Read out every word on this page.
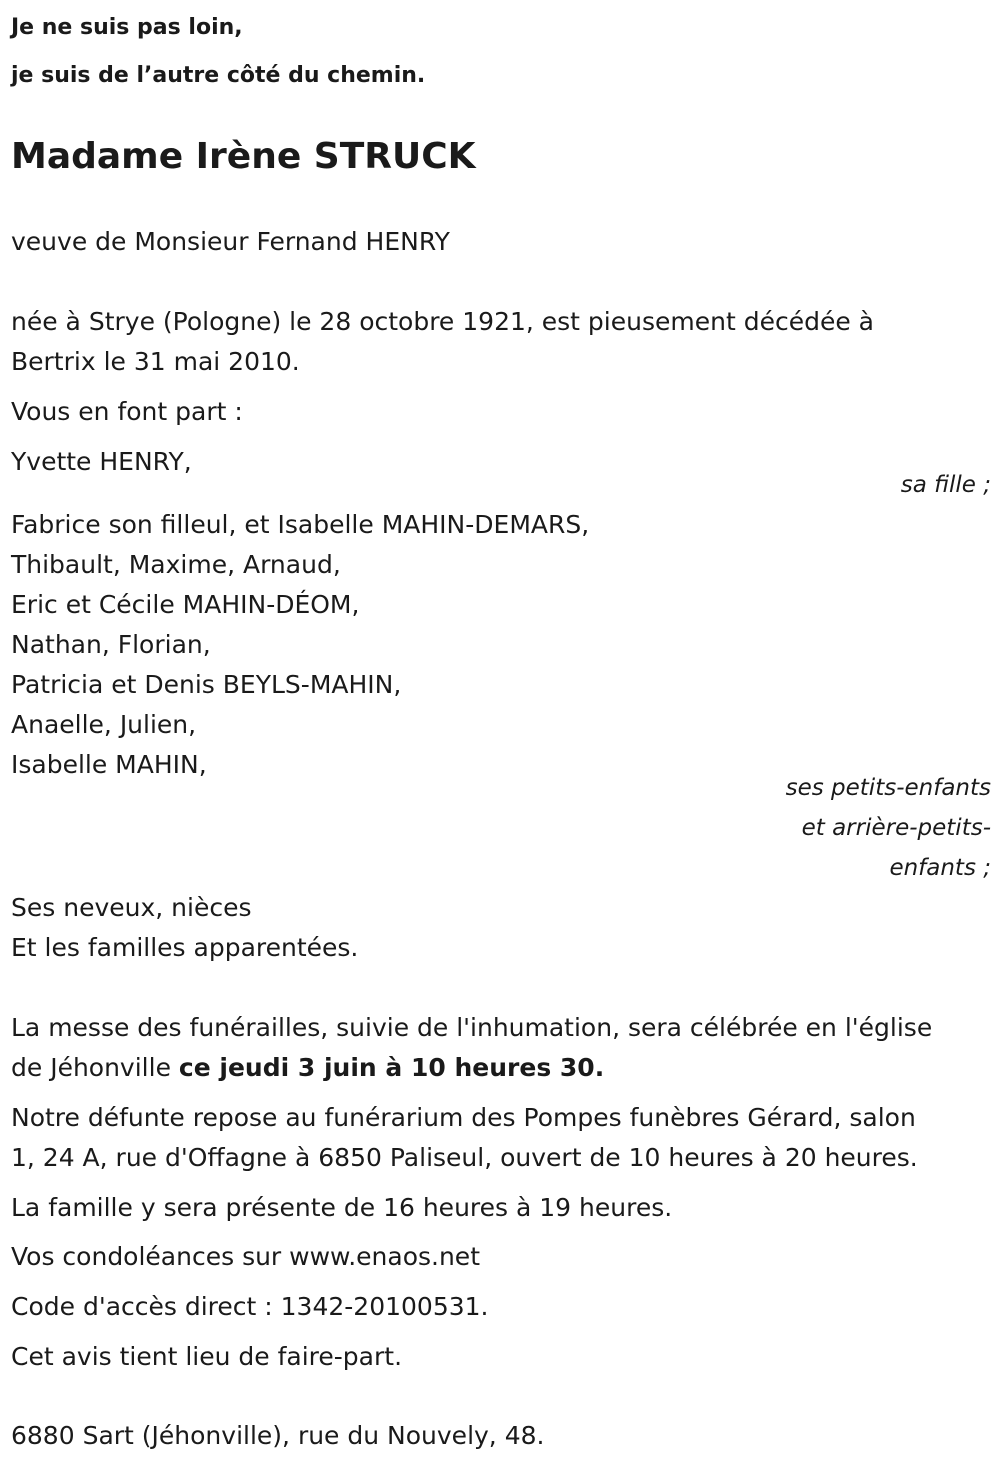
Je ne suis pas loin,
je suis de l’autre côté du chemin.
Madame Irène STRUCK
veuve de Monsieur Fernand HENRY
née à Strye (Pologne) le 28 octobre 1921, est pieusement décédée à
Bertrix le 31 mai 2010.
Vous en font part :
Yvette HENRY,
sa fille ;
Fabrice son filleul, et Isabelle MAHIN-DEMARS,
Thibault, Maxime, Arnaud,
Eric et Cécile MAHIN-DÉOM,
Nathan, Florian,
Patricia et Denis BEYLS-MAHIN,
Anaelle, Julien,
Isabelle MAHIN,
ses petits-enfants
et arrière-petits-
enfants ;
Ses neveux, nièces
Et les familles apparentées.
La messe des funérailles, suivie de l'inhumation, sera célébrée en l'église
de Jéhonville ce jeudi 3 juin à 10 heures 30.
Notre défunte repose au funérarium des Pompes funèbres Gérard, salon
1, 24 A, rue d'Offagne à 6850 Paliseul, ouvert de 10 heures à 20 heures.
La famille y sera présente de 16 heures à 19 heures.
Vos condoléances sur www.enaos.net
Code d'accès direct : 1342-20100531.
Cet avis tient lieu de faire-part.
6880 Sart (Jéhonville), rue du Nouvely, 48.
